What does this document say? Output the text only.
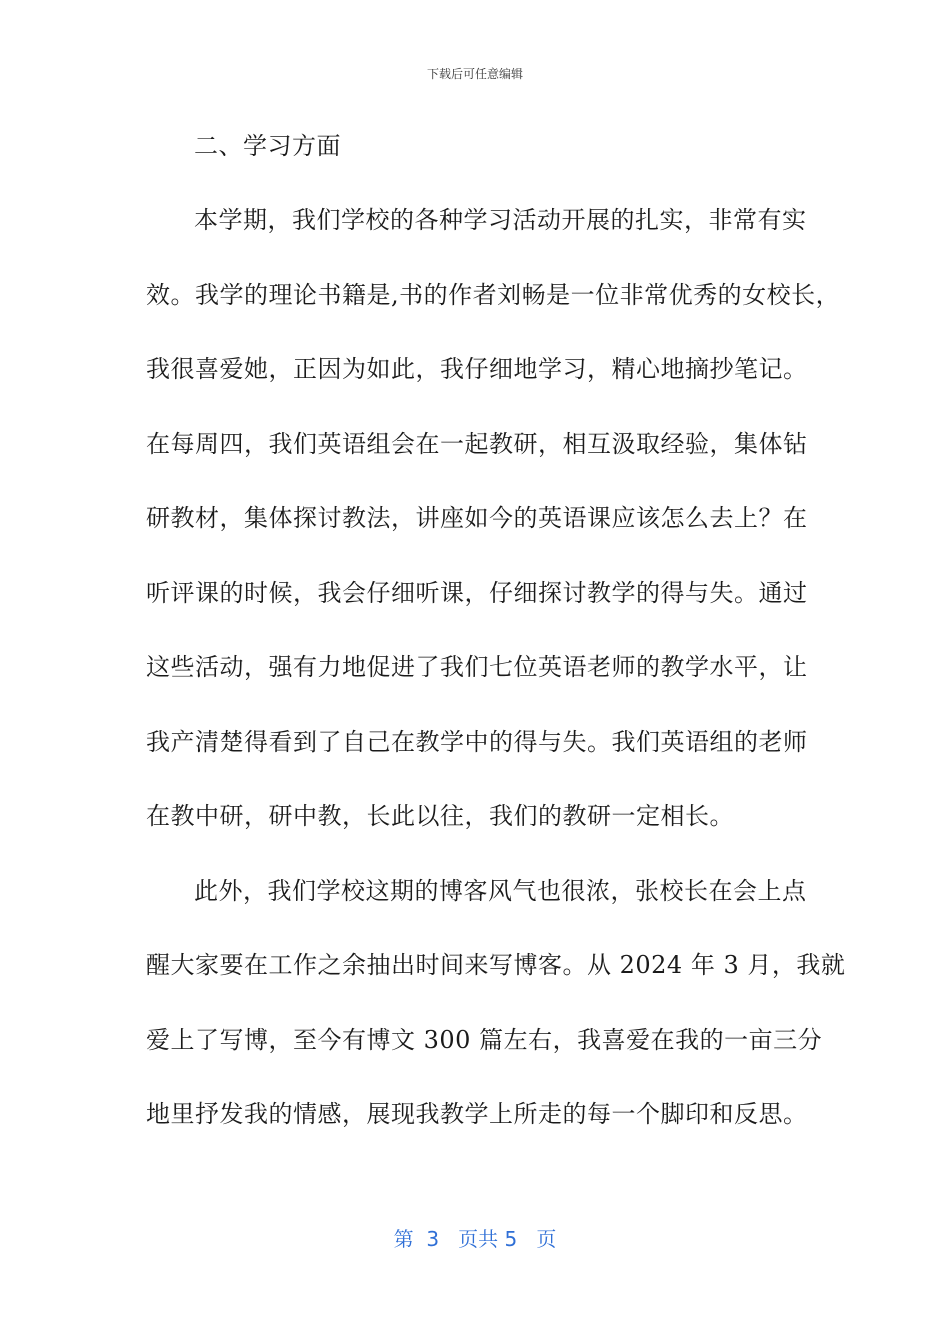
下载后可任意编辑
二、学习方面
本学期，我们学校的各种学习活动开展的扎实，非常有实
效。我学的理论书籍是,书的作者刘畅是一位非常优秀的女校长，
我很喜爱她，正因为如此，我仔细地学习，精心地摘抄笔记。
在每周四，我们英语组会在一起教研，相互汲取经验，集体钻
研教材，集体探讨教法，讲座如今的英语课应该怎么去上？在
听评课的时候，我会仔细听课，仔细探讨教学的得与失。通过
这些活动，强有力地促进了我们七位英语老师的教学水平，让
我产清楚得看到了自己在教学中的得与失。我们英语组的老师
在教中研，研中教，长此以往，我们的教研一定相长。
此外，我们学校这期的博客风气也很浓，张校长在会上点
醒大家要在工作之余抽出时间来写博客。从 2024 年 3 月，我就
爱上了写博，至今有博文 300 篇左右，我喜爱在我的一亩三分
地里抒发我的情感，展现我教学上所走的每一个脚印和反思。
第  3   页共 5   页
